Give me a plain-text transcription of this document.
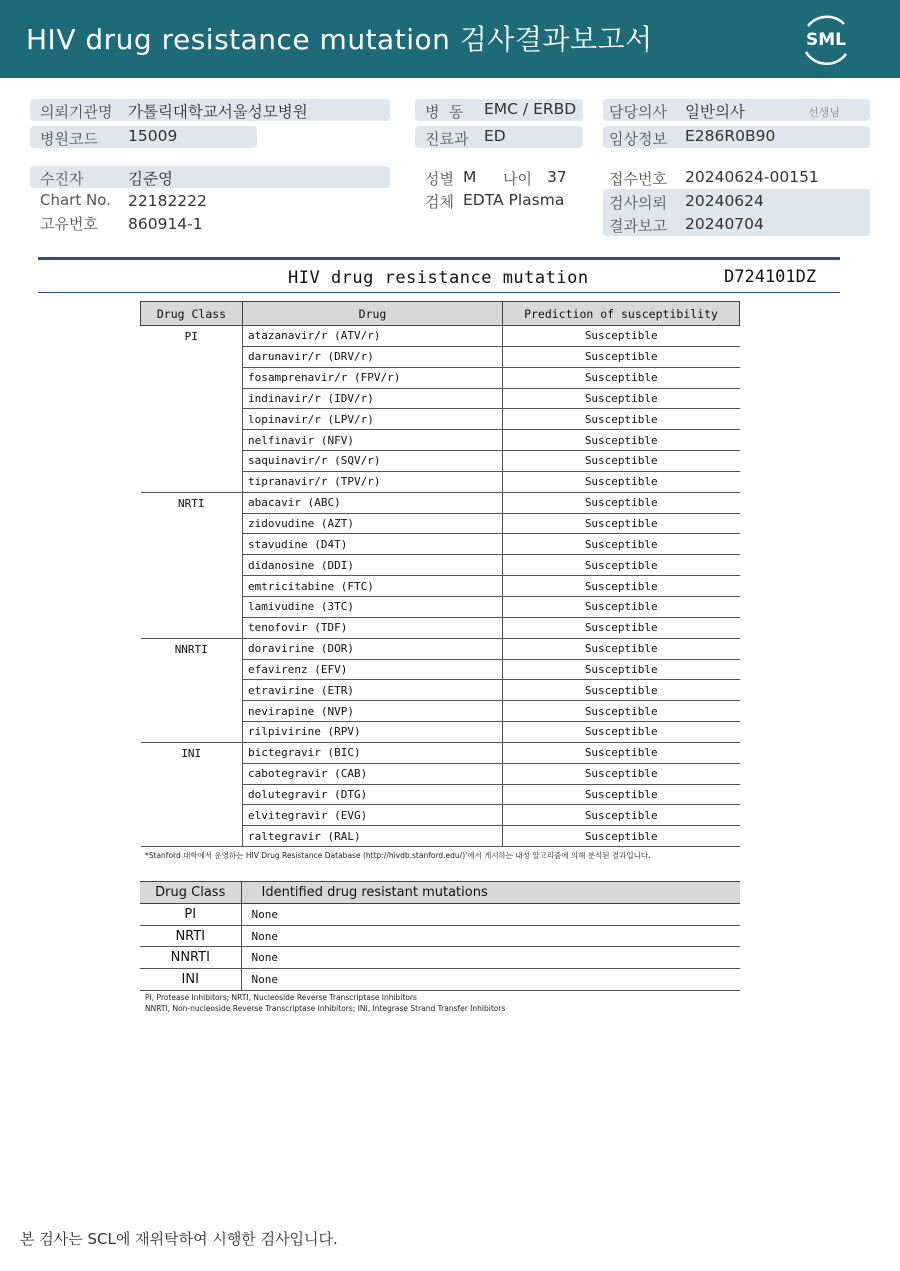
HIV drug resistance mutation 검사결과보고서	SML
의뢰기관명 가톨릭대학교서울성모병원
병원코드 15009
병  동 EMC / ERBD
진료과 ED
담당의사 일반의사	선생님
임상정보 E286R0B90
수진자	김준영
Chart No. 22182222
고유번호 860914-1
성별 M 나이 37
검체 EDTA Plasma
접수번호 20240624-00151
검사의뢰 20240624
결과보고 20240704
HIV drug resistance mutation	D724101DZ
Drug Class	Drug	Prediction of susceptibility
PI	atazanavir/r (ATV/r)	Susceptible
	darunavir/r (DRV/r)	Susceptible
	fosamprenavir/r (FPV/r)	Susceptible
	indinavir/r (IDV/r)	Susceptible
	lopinavir/r (LPV/r)	Susceptible
	nelfinavir (NFV)	Susceptible
	saquinavir/r (SQV/r)	Susceptible
	tipranavir/r (TPV/r)	Susceptible
NRTI	abacavir (ABC)	Susceptible
	zidovudine (AZT)	Susceptible
	stavudine (D4T)	Susceptible
	didanosine (DDI)	Susceptible
	emtricitabine (FTC)	Susceptible
	lamivudine (3TC)	Susceptible
	tenofovir (TDF)	Susceptible
NNRTI	doravirine (DOR)	Susceptible
	efavirenz (EFV)	Susceptible
	etravirine (ETR)	Susceptible
	nevirapine (NVP)	Susceptible
	rilpivirine (RPV)	Susceptible
INI	bictegravir (BIC)	Susceptible
	cabotegravir (CAB)	Susceptible
	dolutegravir (DTG)	Susceptible
	elvitegravir (EVG)	Susceptible
	raltegravir (RAL)	Susceptible
*Stanford 대학에서 운영하는 HIV Drug Resistance Database (http://hivdb.stanford.edu/)'에서 게시하는 내성 알고리즘에 의해 분석된 결과입니다.
Drug Class	Identified drug resistant mutations
PI	None
NRTI	None
NNRTI	None
INI	None
PI, Protease Inhibitors; NRTI, Nucleoside Reverse Transcriptase Inhibitors
NNRTI, Non-nucleoside Reverse Transcriptase Inhibitors; INI, Integrase Strand Transfer Inhibitors
본 검사는 SCL에 재위탁하여 시행한 검사입니다.
